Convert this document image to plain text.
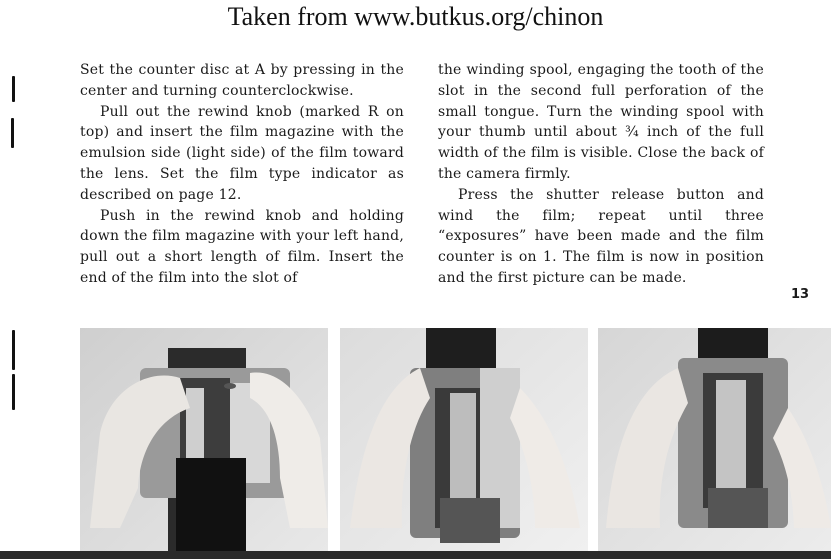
Taken from www.butkus.org/chinon

Set the counter disc at A by pressing in the center and turning counterclockwise.

Pull out the rewind knob (marked R on top) and insert the film magazine with the emulsion side (light side) of the film toward the lens. Set the film type indicator as described on page 12.

Push in the rewind knob and holding down the film magazine with your left hand, pull out a short length of film. Insert the end of the film into the slot of

the winding spool, engaging the tooth of the slot in the second full perforation of the small tongue. Turn the winding spool with your thumb until about ¾ inch of the full width of the film is visible. Close the back of the camera firmly.

Press the shutter release button and wind the film; repeat until three “exposures” have been made and the film counter is on 1. The film is now in position and the first picture can be made.

13
